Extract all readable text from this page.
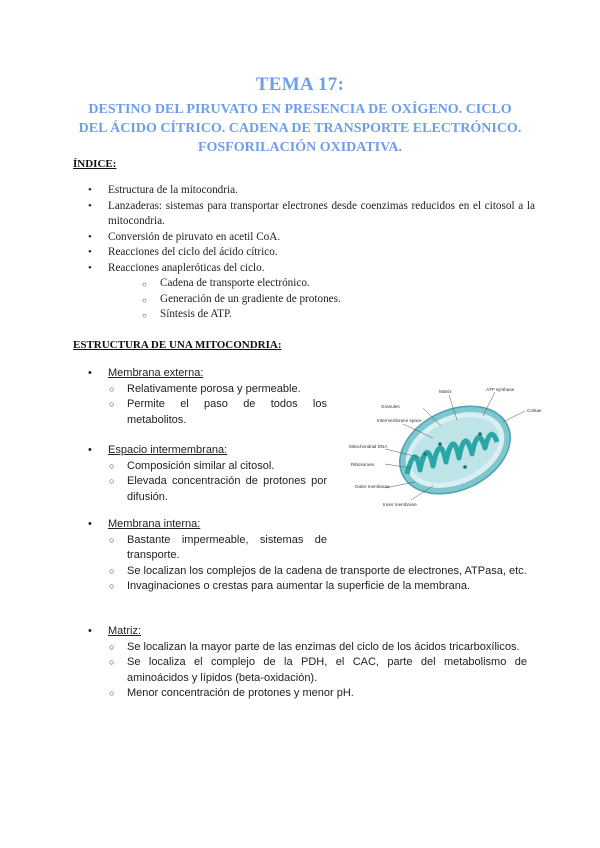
TEMA 17:
DESTINO DEL PIRUVATO EN PRESENCIA DE OXÍGENO. CICLO
DEL ÁCIDO CÍTRICO. CADENA DE TRANSPORTE ELECTRÓNICO.
FOSFORILACIÓN OXIDATIVA.
ÍNDICE:
• Estructura de la mitocondria.
• Lanzaderas: sistemas para transportar electrones desde coenzimas reducidos en el citosol a la mitocondria.
• Conversión de piruvato en acetil CoA.
• Reacciones del ciclo del ácido cítrico.
• Reacciones anapleróticas del ciclo.
○ Cadena de transporte electrónico.
○ Generación de un gradiente de protones.
○ Síntesis de ATP.
ESTRUCTURA DE UNA MITOCONDRIA:
• Membrana externa:
○ Relativamente porosa y permeable.
○ Permite el paso de todos los metabolitos.
• Espacio intermembrana:
○ Composición similar al citosol.
○ Elevada concentración de protones por difusión.
• Membrana interna:
○ Bastante impermeable, sistemas de transporte.
○ Se localizan los complejos de la cadena de transporte de electrones, ATPasa, etc.
○ Invaginaciones o crestas para aumentar la superficie de la membrana.
• Matriz:
○ Se localizan la mayor parte de las enzimas del ciclo de los ácidos tricarboxílicos.
○ Se localiza el complejo de la PDH, el CAC, parte del metabolismo de aminoácidos y lípidos (beta-oxidación).
○ Menor concentración de protones y menor pH.
Matrix	ATP synthase
Cristae
Granules
Intermembrane space
Mitochondrial DNA
Ribosomes
Outer membrane
Inner membrane
